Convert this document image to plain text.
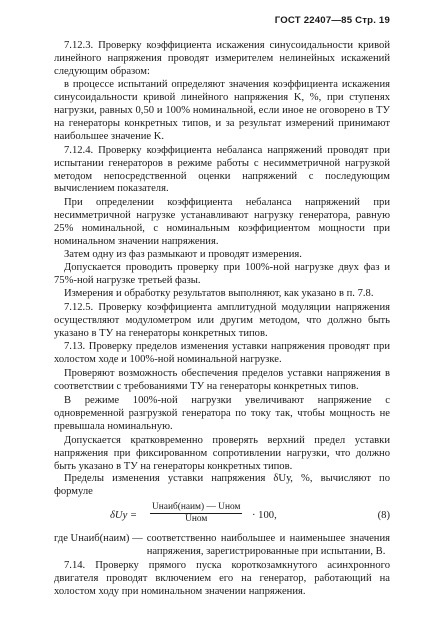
ГОСТ 22407—85 Стр. 19

7.12.3. Проверку коэффициента искажения синусоидальности кривой линейного напряжения проводят измерителем нелинейных искажений следующим образом:

в процессе испытаний определяют значения коэффициента искажения синусоидальности кривой линейного напряжения K, %, при ступенях нагрузки, равных 0,50 и 100% номинальной, если иное не оговорено в ТУ на генераторы конкретных типов, и за результат измерений принимают наибольшее значение K.

7.12.4. Проверку коэффициента небаланса напряжений проводят при испытании генераторов в режиме работы с несимметричной нагрузкой методом непосредственной оценки напряжений с последующим вычислением показателя.

При определении коэффициента небаланса напряжений при несимметричной нагрузке устанавливают нагрузку генератора, равную 25% номинальной, с номинальным коэффициентом мощности при номинальном значении напряжения.

Затем одну из фаз размыкают и проводят измерения.

Допускается проводить проверку при 100%-ной нагрузке двух фаз и 75%-ной нагрузке третьей фазы.

Измерения и обработку результатов выполняют, как указано в п. 7.8.

7.12.5. Проверку коэффициента амплитудной модуляции напряжения осуществляют модулометром или другим методом, что должно быть указано в ТУ на генераторы конкретных типов.

7.13. Проверку пределов изменения уставки напряжения проводят при холостом ходе и 100%-ной номинальной нагрузке.

Проверяют возможность обеспечения пределов уставки напряжения в соответствии с требованиями ТУ на генераторы конкретных типов.

В режиме 100%-ной нагрузки увеличивают напряжение с одновременной разгрузкой генератора по току так, чтобы мощность не превышала номинальную.

Допускается кратковременно проверять верхний предел уставки напряжения при фиксированном сопротивлении нагрузки, что должно быть указано в ТУ на генераторы конкретных типов.

Пределы изменения уставки напряжения δUу, %, вычисляют по формуле

δUу =
Uнаиб(наим) — Uном
Uном	· 100,	(8)
где Uнаиб(наим) — соответственно наибольшее и наименьшее значения напряжения, зарегистрированные при испытании, В.

7.14. Проверку прямого пуска короткозамкнутого асинхронного двигателя проводят включением его на генератор, работающий на холостом ходу при номинальном значении напряжения.
